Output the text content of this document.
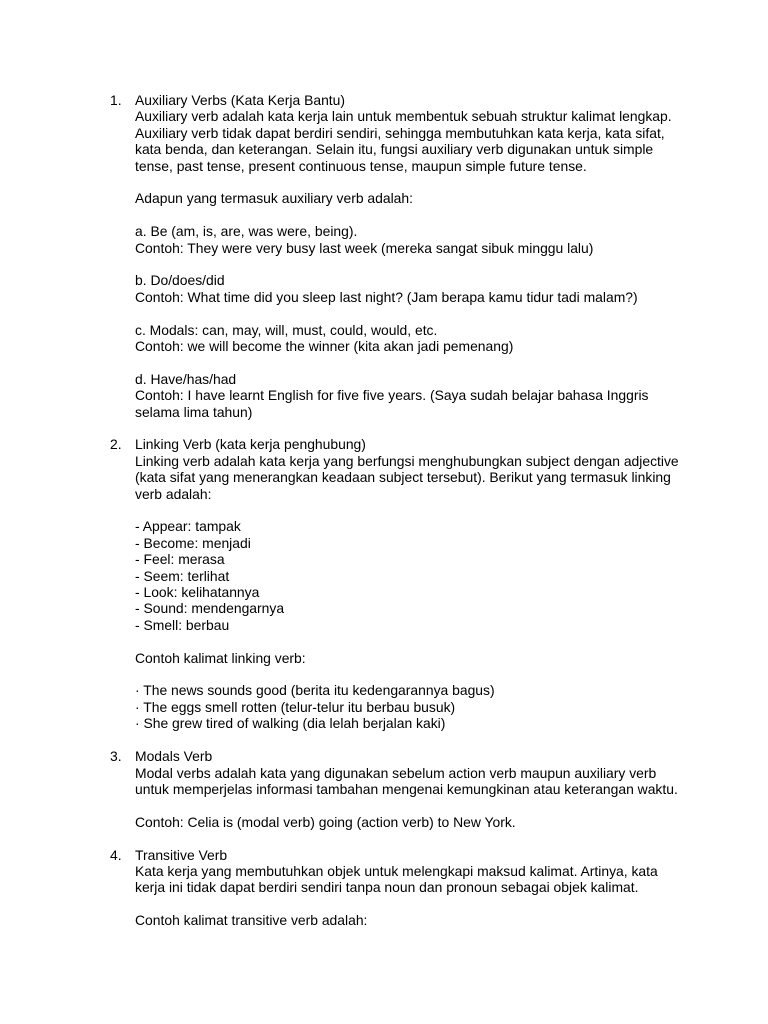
1. Auxiliary Verbs (Kata Kerja Bantu)
Auxiliary verb adalah kata kerja lain untuk membentuk sebuah struktur kalimat lengkap.
Auxiliary verb tidak dapat berdiri sendiri, sehingga membutuhkan kata kerja, kata sifat,
kata benda, dan keterangan. Selain itu, fungsi auxiliary verb digunakan untuk simple
tense, past tense, present continuous tense, maupun simple future tense.
Adapun yang termasuk auxiliary verb adalah:
a. Be (am, is, are, was were, being).
Contoh: They were very busy last week (mereka sangat sibuk minggu lalu)
b. Do/does/did
Contoh: What time did you sleep last night? (Jam berapa kamu tidur tadi malam?)
c. Modals: can, may, will, must, could, would, etc.
Contoh: we will become the winner (kita akan jadi pemenang)
d. Have/has/had
Contoh: I have learnt English for five five years. (Saya sudah belajar bahasa Inggris
selama lima tahun)
2. Linking Verb (kata kerja penghubung)
Linking verb adalah kata kerja yang berfungsi menghubungkan subject dengan adjective
(kata sifat yang menerangkan keadaan subject tersebut). Berikut yang termasuk linking
verb adalah:
- Appear: tampak
- Become: menjadi
- Feel: merasa
- Seem: terlihat
- Look: kelihatannya
- Sound: mendengarnya
- Smell: berbau
Contoh kalimat linking verb:
· The news sounds good (berita itu kedengarannya bagus)
· The eggs smell rotten (telur-telur itu berbau busuk)
· She grew tired of walking (dia lelah berjalan kaki)
3. Modals Verb
Modal verbs adalah kata yang digunakan sebelum action verb maupun auxiliary verb
untuk memperjelas informasi tambahan mengenai kemungkinan atau keterangan waktu.
Contoh: Celia is (modal verb) going (action verb) to New York.
4. Transitive Verb
Kata kerja yang membutuhkan objek untuk melengkapi maksud kalimat. Artinya, kata
kerja ini tidak dapat berdiri sendiri tanpa noun dan pronoun sebagai objek kalimat.
Contoh kalimat transitive verb adalah:
